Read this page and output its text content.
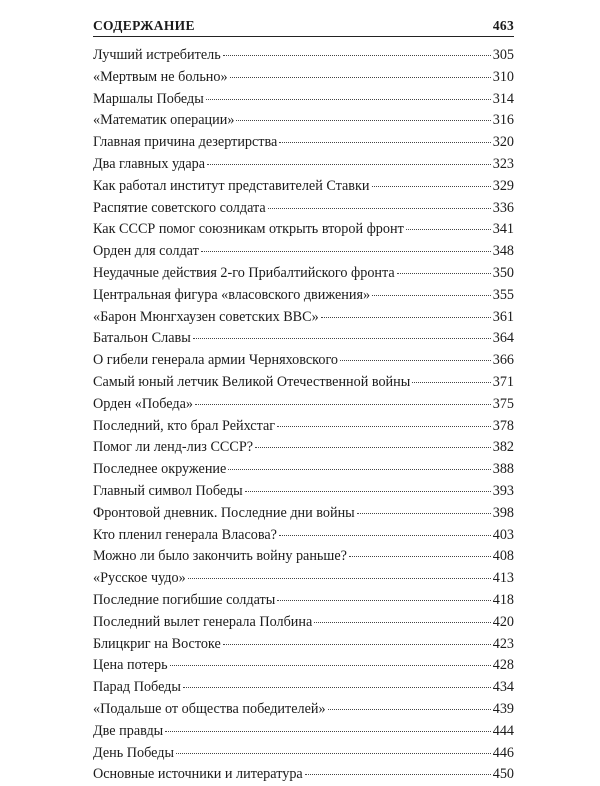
СОДЕРЖАНИЕ	463
Лучший истребитель	305
«Мертвым не больно»	310
Маршалы Победы	314
«Математик операции»	316
Главная причина дезертирства	320
Два главных удара	323
Как работал институт представителей Ставки	329
Распятие советского солдата	336
Как СССР помог союзникам открыть второй фронт	341
Орден для солдат	348
Неудачные действия 2-го Прибалтийского фронта	350
Центральная фигура «власовского движения»	355
«Барон Мюнгхаузен советских ВВС»	361
Батальон Славы	364
О гибели генерала армии Черняховского	366
Самый юный летчик Великой Отечественной войны	371
Орден «Победа»	375
Последний, кто брал Рейхстаг	378
Помог ли ленд-лиз СССР?	382
Последнее окружение	388
Главный символ Победы	393
Фронтовой дневник. Последние дни войны	398
Кто пленил генерала Власова?	403
Можно ли было закончить войну раньше?	408
«Русское чудо»	413
Последние погибшие солдаты	418
Последний вылет генерала Полбина	420
Блицкриг на Востоке	423
Цена потерь	428
Парад Победы	434
«Подальше от общества победителей»	439
Две правды	444
День Победы	446
Основные источники и литература	450
